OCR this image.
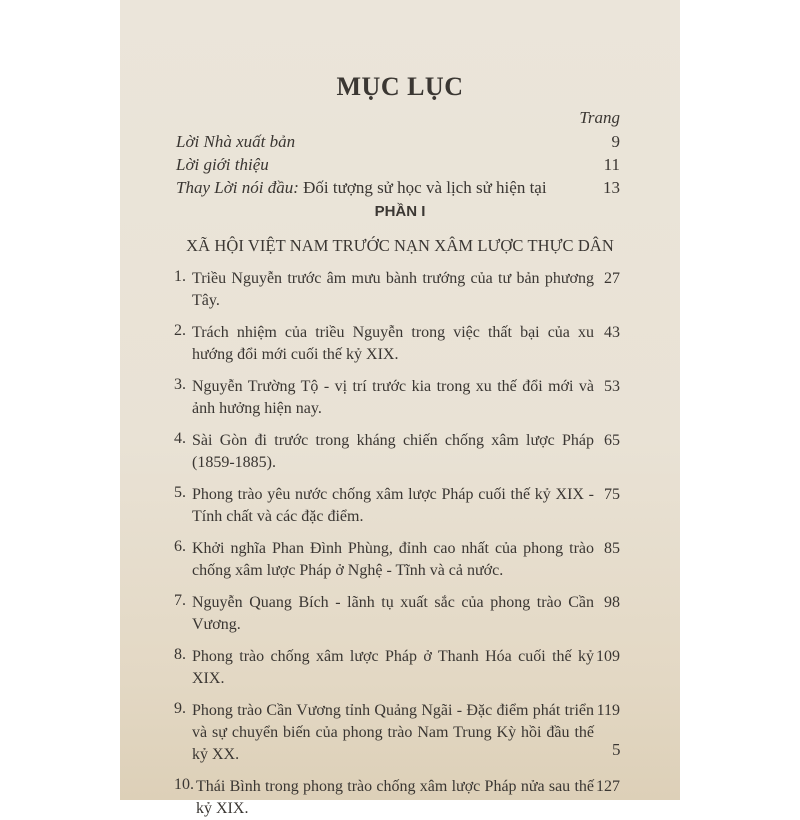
MỤC LỤC
Trang
Lời Nhà xuất bản	9
Lời giới thiệu	11
Thay Lời nói đầu: Đối tượng sử học và lịch sử hiện tại	13
PHẦN I
XÃ HỘI VIỆT NAM TRƯỚC NẠN XÂM LƯỢC THỰC DÂN
1. Triều Nguyễn trước âm mưu bành trướng của tư bản phương Tây.
27
2. Trách nhiệm của triều Nguyễn trong việc thất bại của xu hướng đổi mới cuối thế kỷ XIX.
43
3. Nguyễn Trường Tộ - vị trí trước kia trong xu thế đổi mới và ảnh hưởng hiện nay.
53
4. Sài Gòn đi trước trong kháng chiến chống xâm lược Pháp (1859-1885).
65
5. Phong trào yêu nước chống xâm lược Pháp cuối thế kỷ XIX - Tính chất và các đặc điểm.
75
6. Khởi nghĩa Phan Đình Phùng, đỉnh cao nhất của phong trào chống xâm lược Pháp ở Nghệ - Tĩnh và cả nước.
85
7. Nguyễn Quang Bích - lãnh tụ xuất sắc của phong trào Cần Vương.
98
8. Phong trào chống xâm lược Pháp ở Thanh Hóa cuối thế kỷ XIX.
109
9. Phong trào Cần Vương tỉnh Quảng Ngãi - Đặc điểm phát triển và sự chuyển biến của phong trào Nam Trung Kỳ hồi đầu thế kỷ XX.
119
10. Thái Bình trong phong trào chống xâm lược Pháp nửa sau thế kỷ XIX.
127
5
